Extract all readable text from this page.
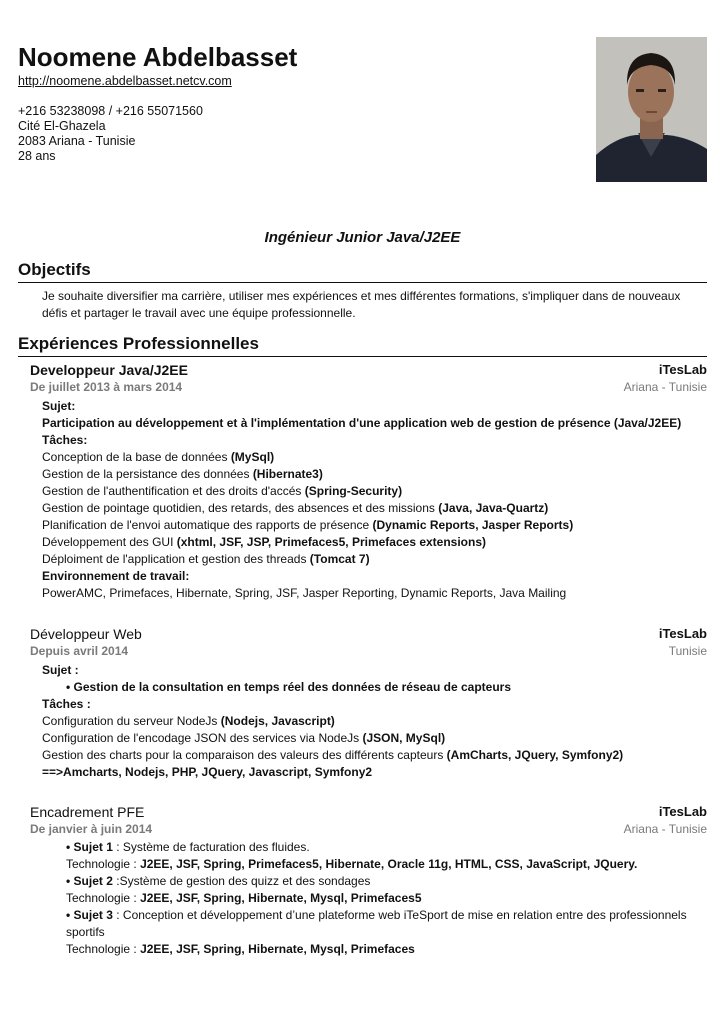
Noomene Abdelbasset
http://noomene.abdelbasset.netcv.com
+216 53238098 / +216 55071560
Cité El-Ghazela
2083 Ariana - Tunisie
28 ans
Ingénieur Junior Java/J2EE
Objectifs
Je souhaite diversifier ma carrière, utiliser mes expériences et mes différentes formations, s'impliquer dans de nouveaux défis et partager le travail avec une équipe professionnelle.
Expériences Professionnelles
Developpeur Java/J2EE
De juillet 2013 à mars 2014
iTesLab
Ariana - Tunisie
Sujet:
Participation au développement et à l'implémentation d'une application web de gestion de présence (Java/J2EE)
Tâches:
Conception de la base de données (MySql)
Gestion de la persistance des données (Hibernate3)
Gestion de l'authentification et des droits d'accés (Spring-Security)
Gestion de pointage quotidien, des retards, des absences et des missions (Java, Java-Quartz)
Planification de l'envoi automatique des rapports de présence (Dynamic Reports, Jasper Reports)
Développement des GUI (xhtml, JSF, JSP, Primefaces5, Primefaces extensions)
Déploiment de l'application et gestion des threads (Tomcat 7)
Environnement de travail:
PowerAMC, Primefaces, Hibernate, Spring, JSF, Jasper Reporting, Dynamic Reports, Java Mailing
Développeur Web
Depuis avril 2014
iTesLab
Tunisie
Sujet :
• Gestion de la consultation en temps réel des données de réseau de capteurs
Tâches :
Configuration du serveur NodeJs (Nodejs, Javascript)
Configuration de l'encodage JSON des services via NodeJs (JSON, MySql)
Gestion des charts pour la comparaison des valeurs des différents capteurs (AmCharts, JQuery, Symfony2)
==>Amcharts, Nodejs, PHP, JQuery, Javascript, Symfony2
Encadrement PFE
De janvier à juin 2014
iTesLab
Ariana - Tunisie
• Sujet 1 : Système de facturation des fluides.
Technologie : J2EE, JSF, Spring, Primefaces5, Hibernate, Oracle 11g, HTML, CSS, JavaScript, JQuery.
• Sujet 2 :Système de gestion des quizz et des sondages
Technologie : J2EE, JSF, Spring, Hibernate, Mysql, Primefaces5
• Sujet 3 : Conception et développement d’une plateforme web iTeSport de mise en relation entre des professionnels sportifs
Technologie : J2EE, JSF, Spring, Hibernate, Mysql, Primefaces
